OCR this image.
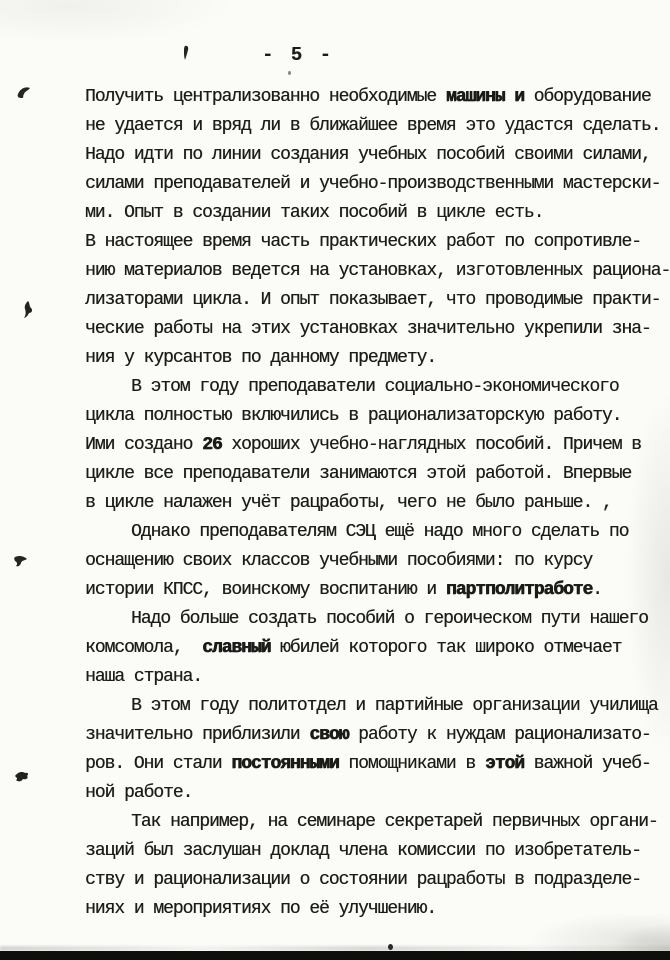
- 5 -
Получить централизованно необходимые машины и оборудование
не удается и вряд ли в ближайшее время это удастся сделать.
Надо идти по линии создания учебных пособий своими силами,
силами преподавателей и учебно-производственными мастерски-
ми. Опыт в создании таких пособий в цикле есть.
В настоящее время часть практических работ по сопротивле-
нию материалов ведется на установках, изготовленных рациона-
лизаторами цикла. И опыт показывает, что проводимые практи-
ческие работы на этих установках значительно укрепили зна-
ния у курсантов по данному предмету.
В этом году преподаватели социально-экономического
цикла полностью включились в рационализаторскую работу.
Ими создано 26 хороших учебно-наглядных пособий. Причем в
цикле все преподаватели занимаются этой работой. Впервые
в цикле налажен учёт рацработы, чего не было раньше. ,
Однако преподавателям СЭЦ ещё надо много сделать по
оснащению своих классов учебными пособиями: по курсу
истории КПСС, воинскому воспитанию и партполитработе.
Надо больше создать пособий о героическом пути нашего
комсомола,  славный юбилей которого так широко отмечает
наша страна.
В этом году политотдел и партийные организации училища
значительно приблизили свою работу к нуждам рационализато-
ров. Они стали постоянными помощниками в этой важной учеб-
ной работе.
Так например, на семинаре секретарей первичных органи-
заций был заслушан доклад члена комиссии по изобретатель-
ству и рационализации о состоянии рацработы в подразделе-
ниях и мероприятиях по её улучшению.
